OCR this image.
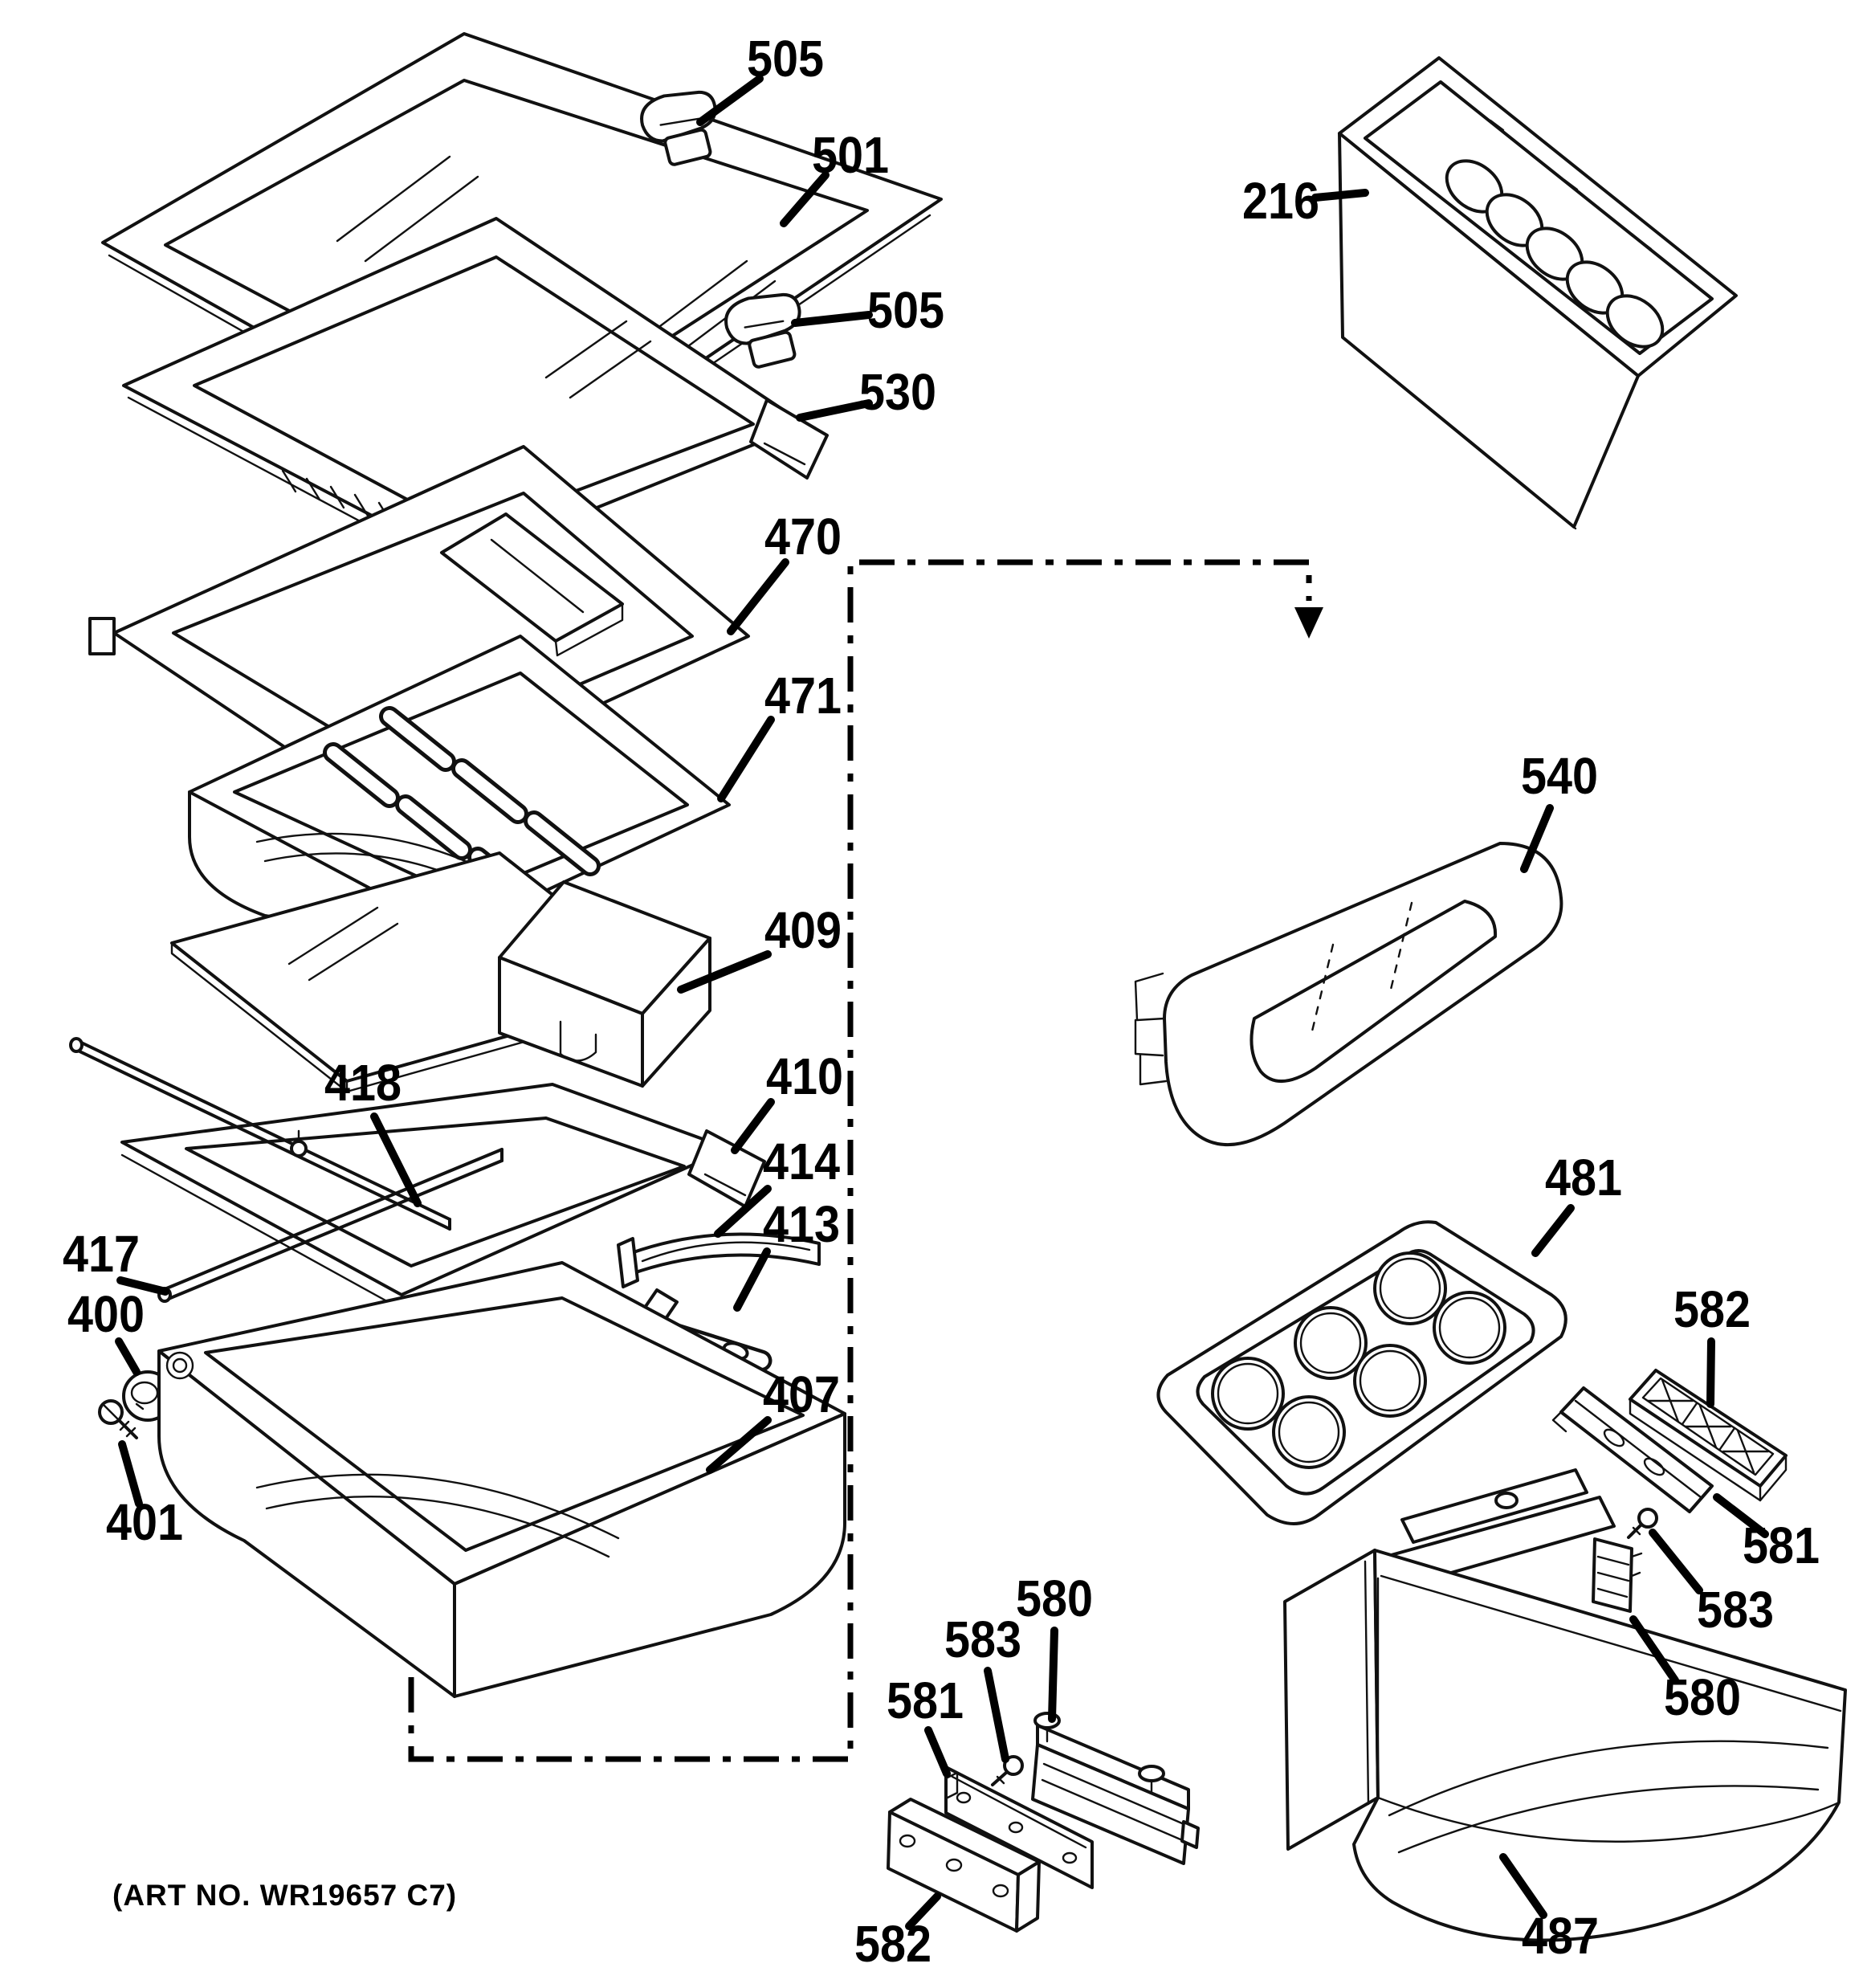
505
501
505
530
470
471
409
418	410
414
413
417
400
401
407
216
540
481
582
581
583
580
580
583
581
582	487
(ART NO. WR19657 C7)
